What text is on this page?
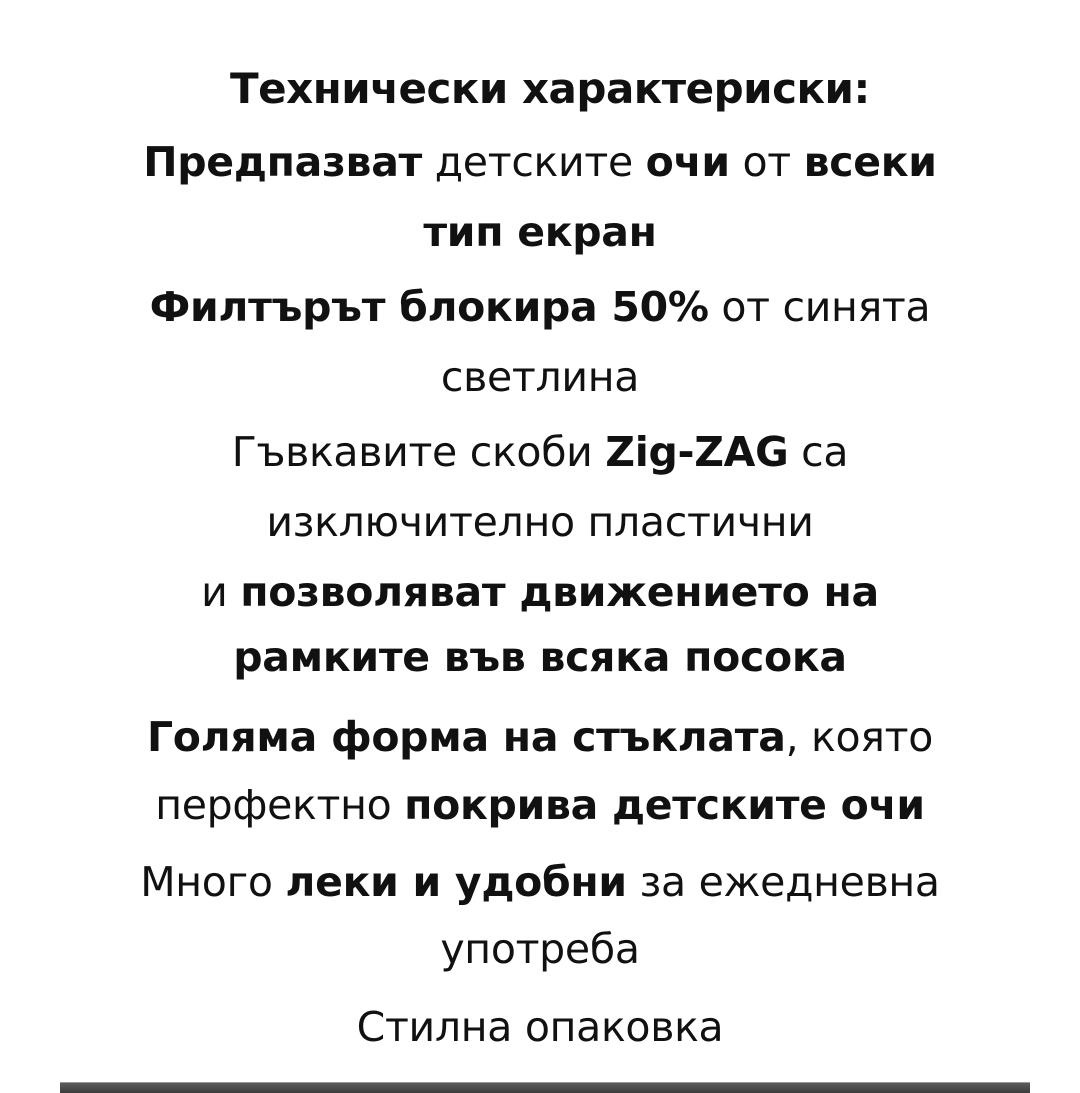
Технически характериски:
Предпазват детските очи от всеки
тип екран
Филтърът блокира 50% от синята
светлина
Гъвкавите скоби Zig-ZAG са
изключително пластични
и позволяват движението на
рамките във всяка посока
Голяма форма на стъклата, която
перфектно покрива детските очи
Много леки и удобни за ежедневна
употреба
Стилна опаковка
